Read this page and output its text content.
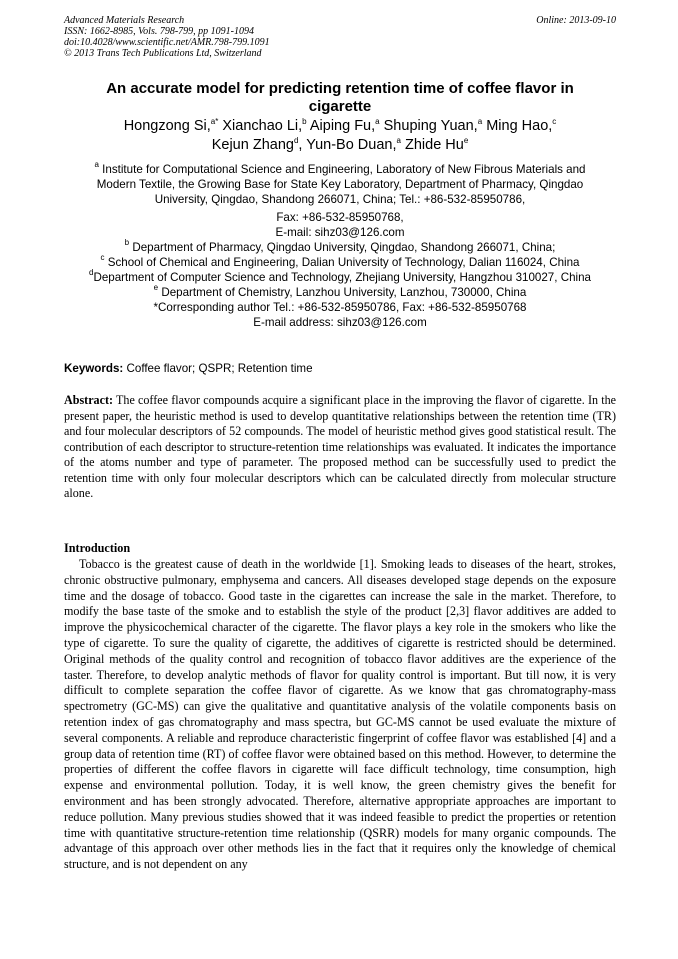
Advanced Materials Research
ISSN: 1662-8985, Vols. 798-799, pp 1091-1094
doi:10.4028/www.scientific.net/AMR.798-799.1091
© 2013 Trans Tech Publications Ltd, Switzerland
Online: 2013-09-10
An accurate model for predicting retention time of coffee flavor in
cigarette
Hongzong Si,$^{a*}$ Xianchao Li,$^b$ Aiping Fu,$^a$ Shuping Yuan,$^a$ Ming Hao,$^c$
Kejun Zhang$^d$, Yun-Bo Duan,$^a$ Zhide Hu$^e$
$^a$ Institute for Computational Science and Engineering, Laboratory of New Fibrous Materials and
Modern Textile, the Growing Base for State Key Laboratory, Department of Pharmacy, Qingdao
University, Qingdao, Shandong 266071, China; Tel.: +86-532-85950786,
Fax: +86-532-85950768,
E-mail: sihz03@126.com
$^b$ Department of Pharmacy, Qingdao University, Qingdao, Shandong 266071, China;
$^c$ School of Chemical and Engineering, Dalian University of Technology, Dalian 116024, China
$^d$Department of Computer Science and Technology, Zhejiang University, Hangzhou 310027, China
$^e$ Department of Chemistry, Lanzhou University, Lanzhou, 730000, China
*Corresponding author Tel.: +86-532-85950786, Fax: +86-532-85950768
E-mail address: sihz03@126.com
Keywords: Coffee flavor; QSPR; Retention time
Abstract: The coffee flavor compounds acquire a significant place in the improving the flavor of cigarette. In the present paper, the heuristic method is used to develop quantitative relationships between the retention time (TR) and four molecular descriptors of 52 compounds. The model of heuristic method gives good statistical result. The contribution of each descriptor to structure-retention time relationships was evaluated. It indicates the importance of the atoms number and type of parameter. The proposed method can be successfully used to predict the retention time with only four molecular descriptors which can be calculated directly from molecular structure alone.
Introduction
Tobacco is the greatest cause of death in the worldwide [1]. Smoking leads to diseases of the heart, strokes, chronic obstructive pulmonary, emphysema and cancers. All diseases developed stage depends on the exposure time and the dosage of tobacco. Good taste in the cigarettes can increase the sale in the market. Therefore, to modify the base taste of the smoke and to establish the style of the product [2,3] flavor additives are added to improve the physicochemical character of the cigarette. The flavor plays a key role in the smokers who like the type of cigarette. To sure the quality of cigarette, the additives of cigarette is restricted should be determined. Original methods of the quality control and recognition of tobacco flavor additives are the experience of the taster. Therefore, to develop analytic methods of flavor for quality control is important. But till now, it is very difficult to complete separation the coffee flavor of cigarette. As we know that gas chromatography-mass spectrometry (GC-MS) can give the qualitative and quantitative analysis of the volatile components basis on retention index of gas chromatography and mass spectra, but GC-MS cannot be used evaluate the mixture of several components. A reliable and reproduce characteristic fingerprint of coffee flavor was established [4] and a group data of retention time (RT) of coffee flavor were obtained based on this method. However, to determine the properties of different the coffee flavors in cigarette will face difficult technology, time consumption, high expense and environmental pollution. Today, it is well know, the green chemistry gives the benefit for environment and has been strongly advocated. Therefore, alternative appropriate approaches are important to reduce pollution. Many previous studies showed that it was indeed feasible to predict the properties or retention time with quantitative structure-retention time relationship (QSRR) models for many organic compounds. The advantage of this approach over other methods lies in the fact that it requires only the knowledge of chemical structure, and is not dependent on any
